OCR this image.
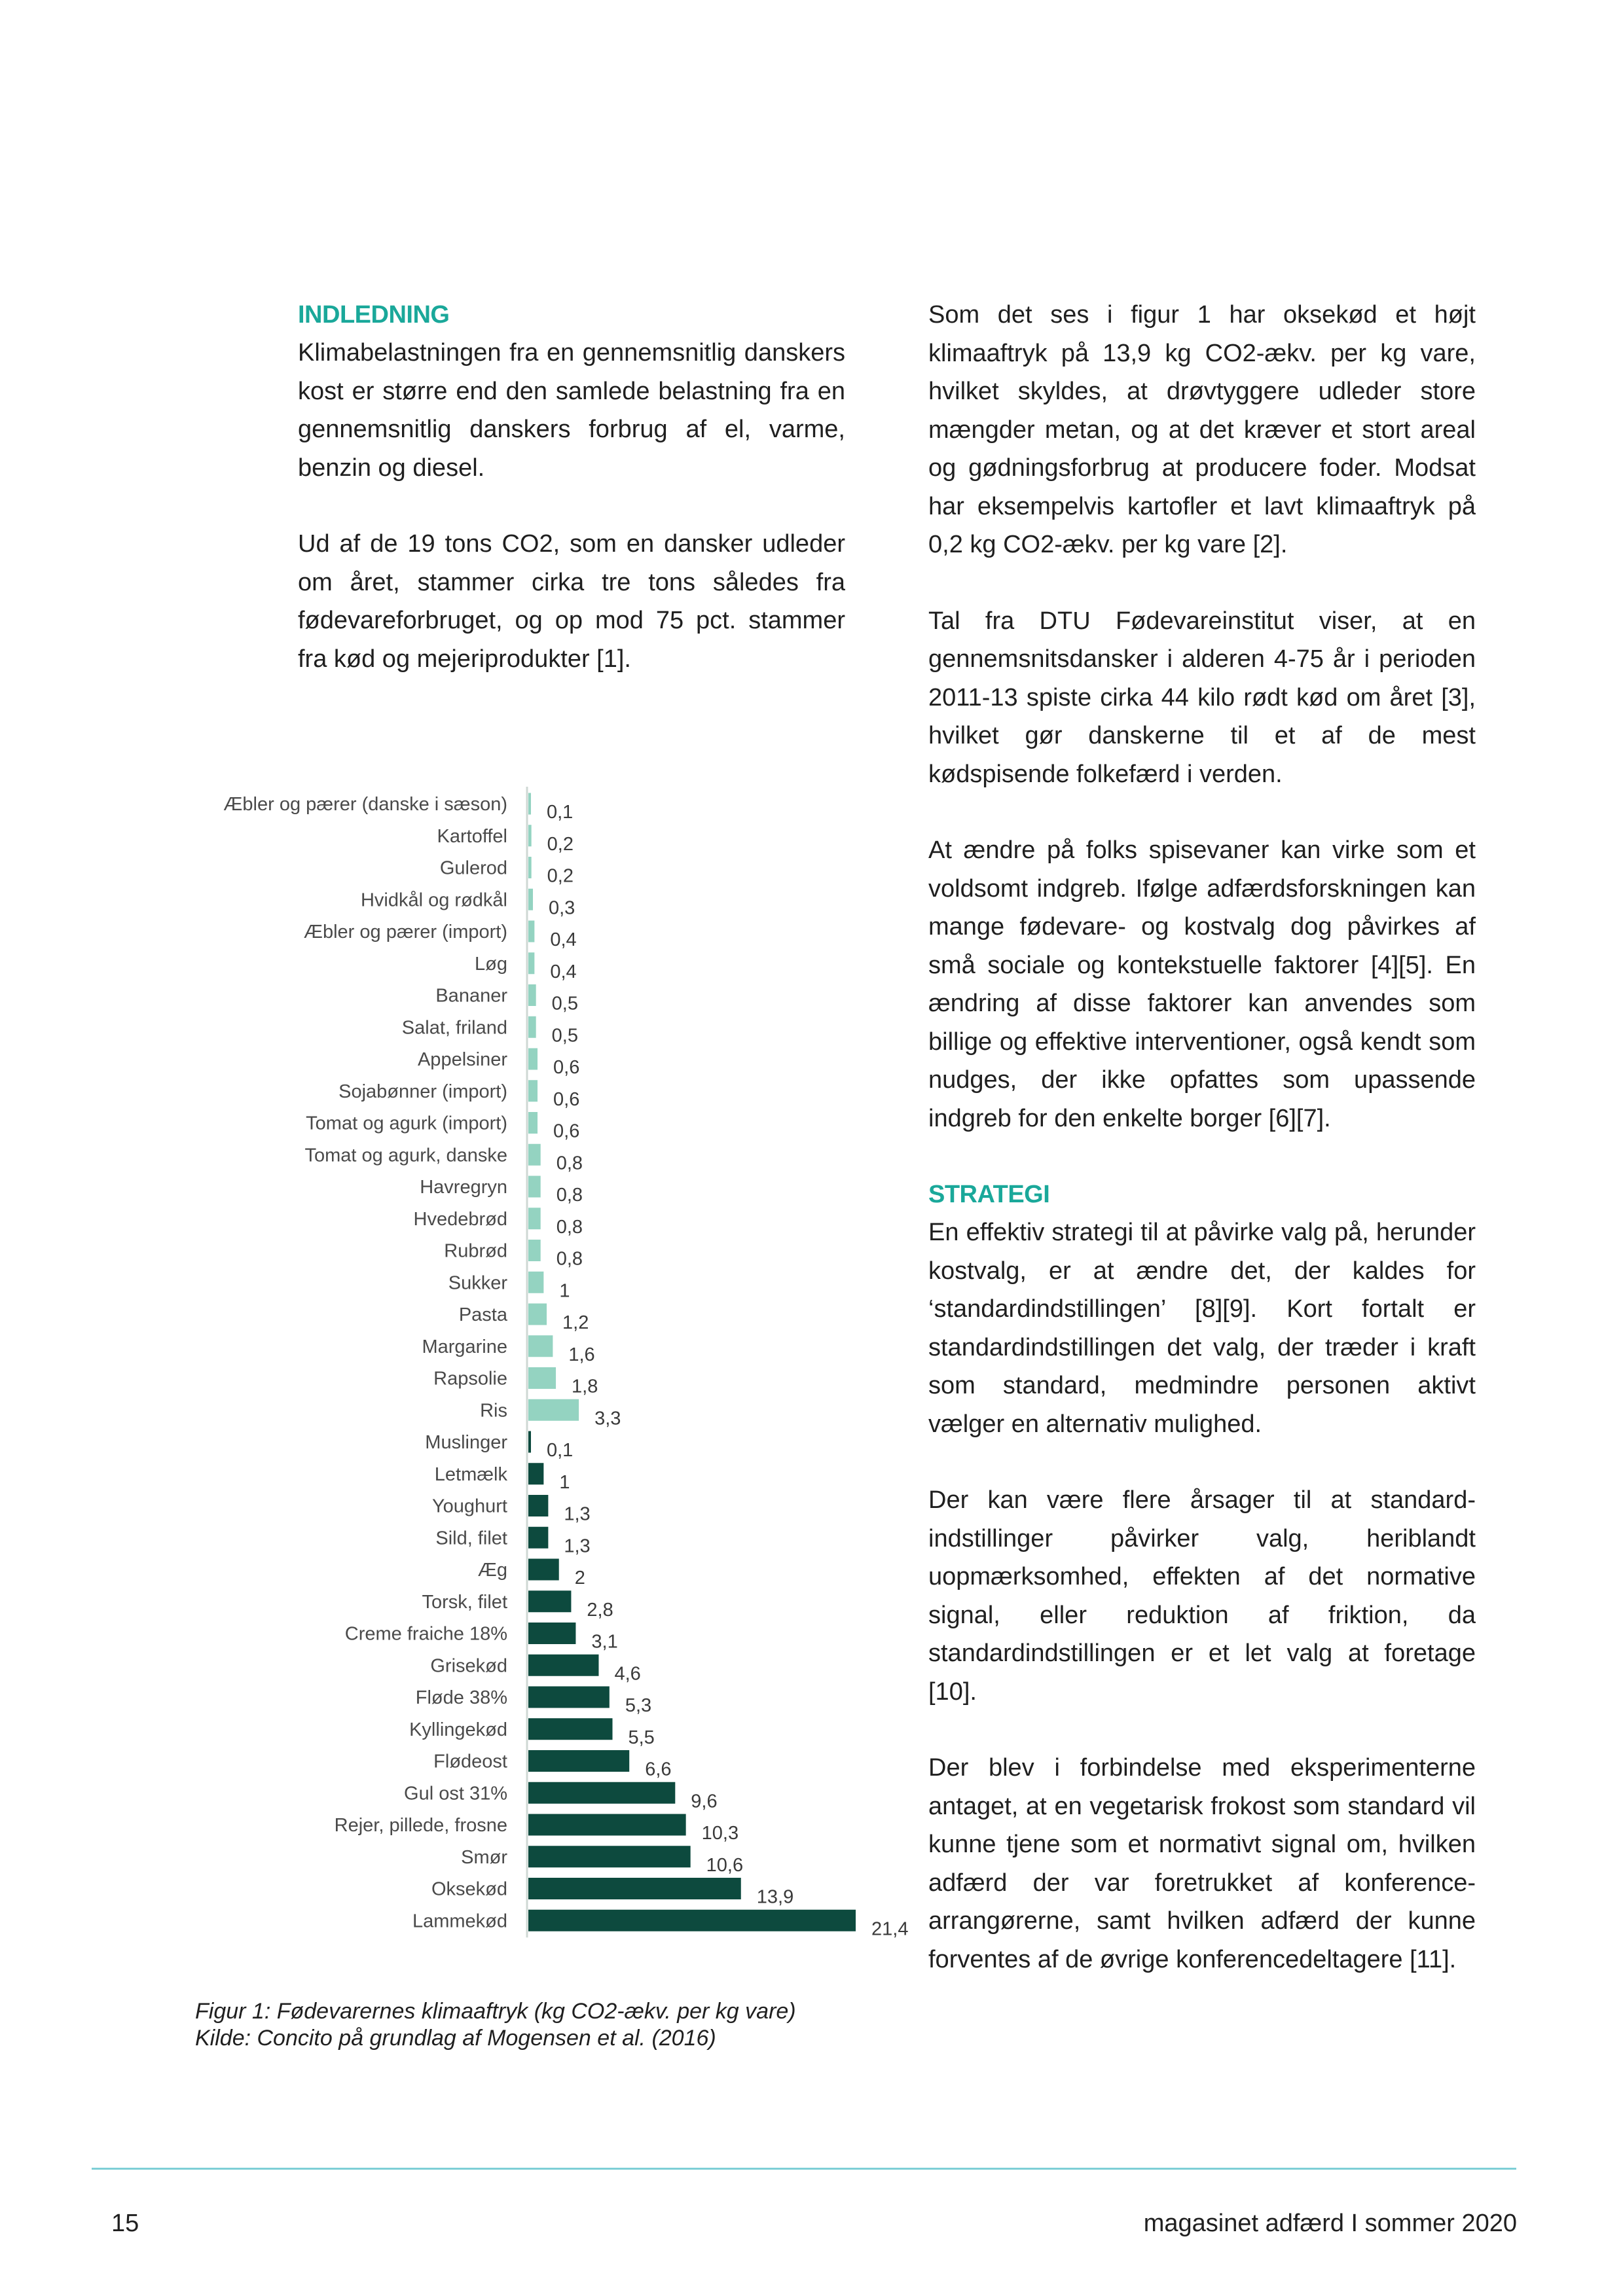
INDLEDNING

Klimabelastningen fra en gennemsnitlig danskers kost er større end den samlede belastning fra en gennemsnitlig danskers forbrug af el, varme, benzin og diesel.

Ud af de 19 tons CO2, som en dansker udleder om året, stammer cirka tre tons således fra fødevareforbruget, og op mod 75 pct. stammer fra kød og mejeriprodukter [1].

Som det ses i figur 1 har oksekød et højt klimaaftryk på 13,9 kg CO2-ækv. per kg vare, hvilket skyldes, at drøvtyggere udleder store mængder metan, og at det kræver et stort areal og gødningsforbrug at producere foder. Modsat har eksempelvis kartofler et lavt klimaaftryk på 0,2 kg CO2-ækv. per kg vare [2].

Tal fra DTU Fødevareinstitut viser, at en gennemsnitsdansker i alderen 4-75 år i perioden 2011-13 spiste cirka 44 kilo rødt kød om året [3], hvilket gør danskerne til et af de mest kødspisende folkefærd i verden.

At ændre på folks spisevaner kan virke som et voldsomt indgreb. Ifølge adfærdsforskningen kan mange fødevare- og kostvalg dog påvirkes af små sociale og kontekstuelle faktorer [4][5]. En ændring af disse faktorer kan anvendes som billige og effektive interventioner, også kendt som nudges, der ikke opfattes som upassende indgreb for den enkelte borger [6][7].

STRATEGI

En effektiv strategi til at påvirke valg på, herunder kostvalg, er at ændre det, der kaldes for ‘standardindstillingen’ [8][9]. Kort fortalt er standardindstillingen det valg, der træder i kraft som standard, medmindre personen aktivt vælger en alternativ mulighed.

Der kan være flere årsager til at standardindstillinger påvirker valg, heriblandt uopmærksomhed, effekten af det normative signal, eller reduktion af friktion, da standardindstillingen er et let valg at foretage [10].

Der blev i forbindelse med eksperimenterne antaget, at en vegetarisk frokost som standard vil kunne tjene som et normativt signal om, hvilken adfærd der var foretrukket af konference-arrangørerne, samt hvilken adfærd der kunne forventes af de øvrige konferencedeltagere [11].

Æbler og pærer (danske i sæson) 0,1
Kartoffel 0,2
Gulerod 0,2
Hvidkål og rødkål 0,3
Æbler og pærer (import) 0,4
Løg 0,4
Bananer 0,5
Salat, friland 0,5
Appelsiner 0,6
Sojabønner (import) 0,6
Tomat og agurk (import) 0,6
Tomat og agurk, danske	0,8
Havregryn	0,8
Hvedebrød	0,8
Rubrød	0,8
Sukker	1
Pasta	1,2
Margarine	1,6
Rapsolie	1,8
Ris	3,3
Muslinger 0,1
Letmælk	1
Youghurt	1,3
Sild, filet	1,3
Æg	2
Torsk, filet	2,8
Creme fraiche 18%	3,1
Grisekød	4,6
Fløde 38%	5,3
Kyllingekød	5,5
Flødeost	6,6
Gul ost 31%	9,6
Rejer, pillede, frosne	10,3
Smør	10,6
Oksekød	13,9
Lammekød	21,4
Figur 1: Fødevarernes klimaaftryk (kg CO2-ækv. per kg vare)
Kilde: Concito på grundlag af Mogensen et al. (2016)
15	magasinet adfærd I sommer 2020
